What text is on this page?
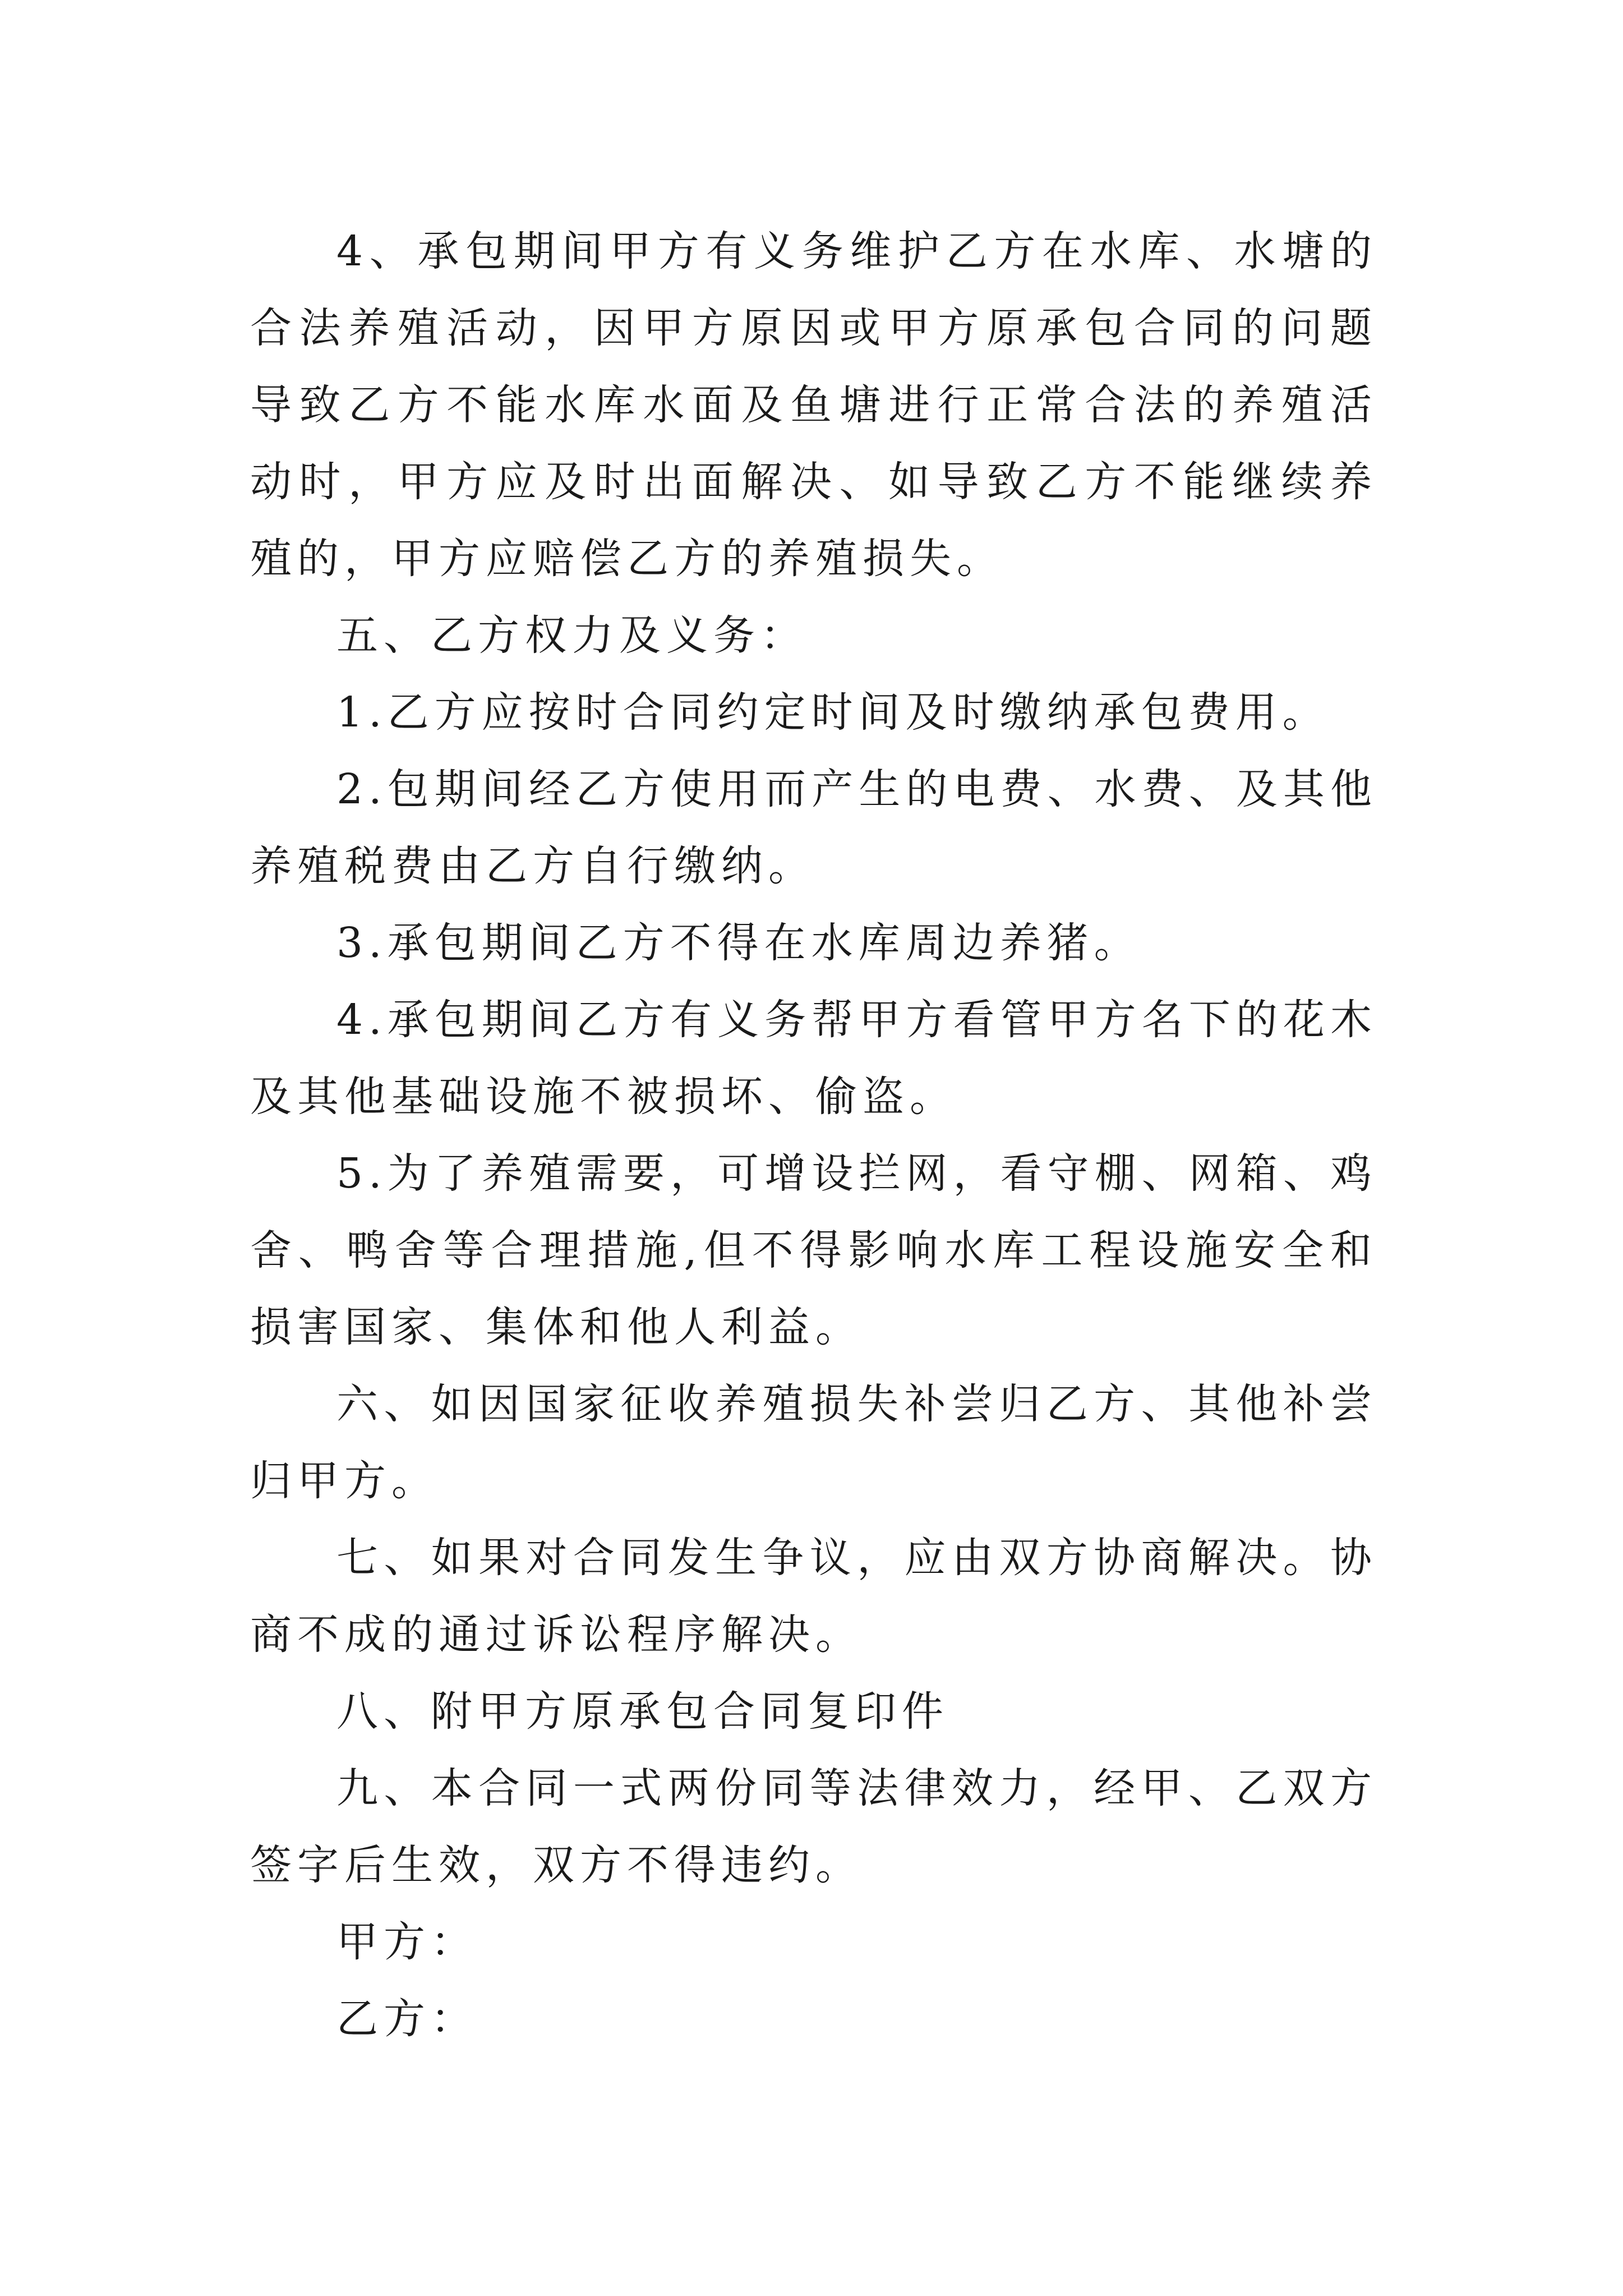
4、承包期间甲方有义务维护乙方在水库、水塘的合法养殖活动，因甲方原因或甲方原承包合同的问题导致乙方不能水库水面及鱼塘进行正常合法的养殖活动时，甲方应及时出面解决、如导致乙方不能继续养殖的，甲方应赔偿乙方的养殖损失。

五、乙方权力及义务：

1.乙方应按时合同约定时间及时缴纳承包费用。

2.包期间经乙方使用而产生的电费、水费、及其他养殖税费由乙方自行缴纳。

3.承包期间乙方不得在水库周边养猪。

4.承包期间乙方有义务帮甲方看管甲方名下的花木及其他基础设施不被损坏、偷盗。

5.为了养殖需要，可增设拦网，看守棚、网箱、鸡舍、鸭舍等合理措施,但不得影响水库工程设施安全和损害国家、集体和他人利益。

六、如因国家征收养殖损失补尝归乙方、其他补尝归甲方。

七、如果对合同发生争议，应由双方协商解决。协商不成的通过诉讼程序解决。

八、附甲方原承包合同复印件

九、本合同一式两份同等法律效力，经甲、乙双方签字后生效，双方不得违约。

甲方：

乙方：
